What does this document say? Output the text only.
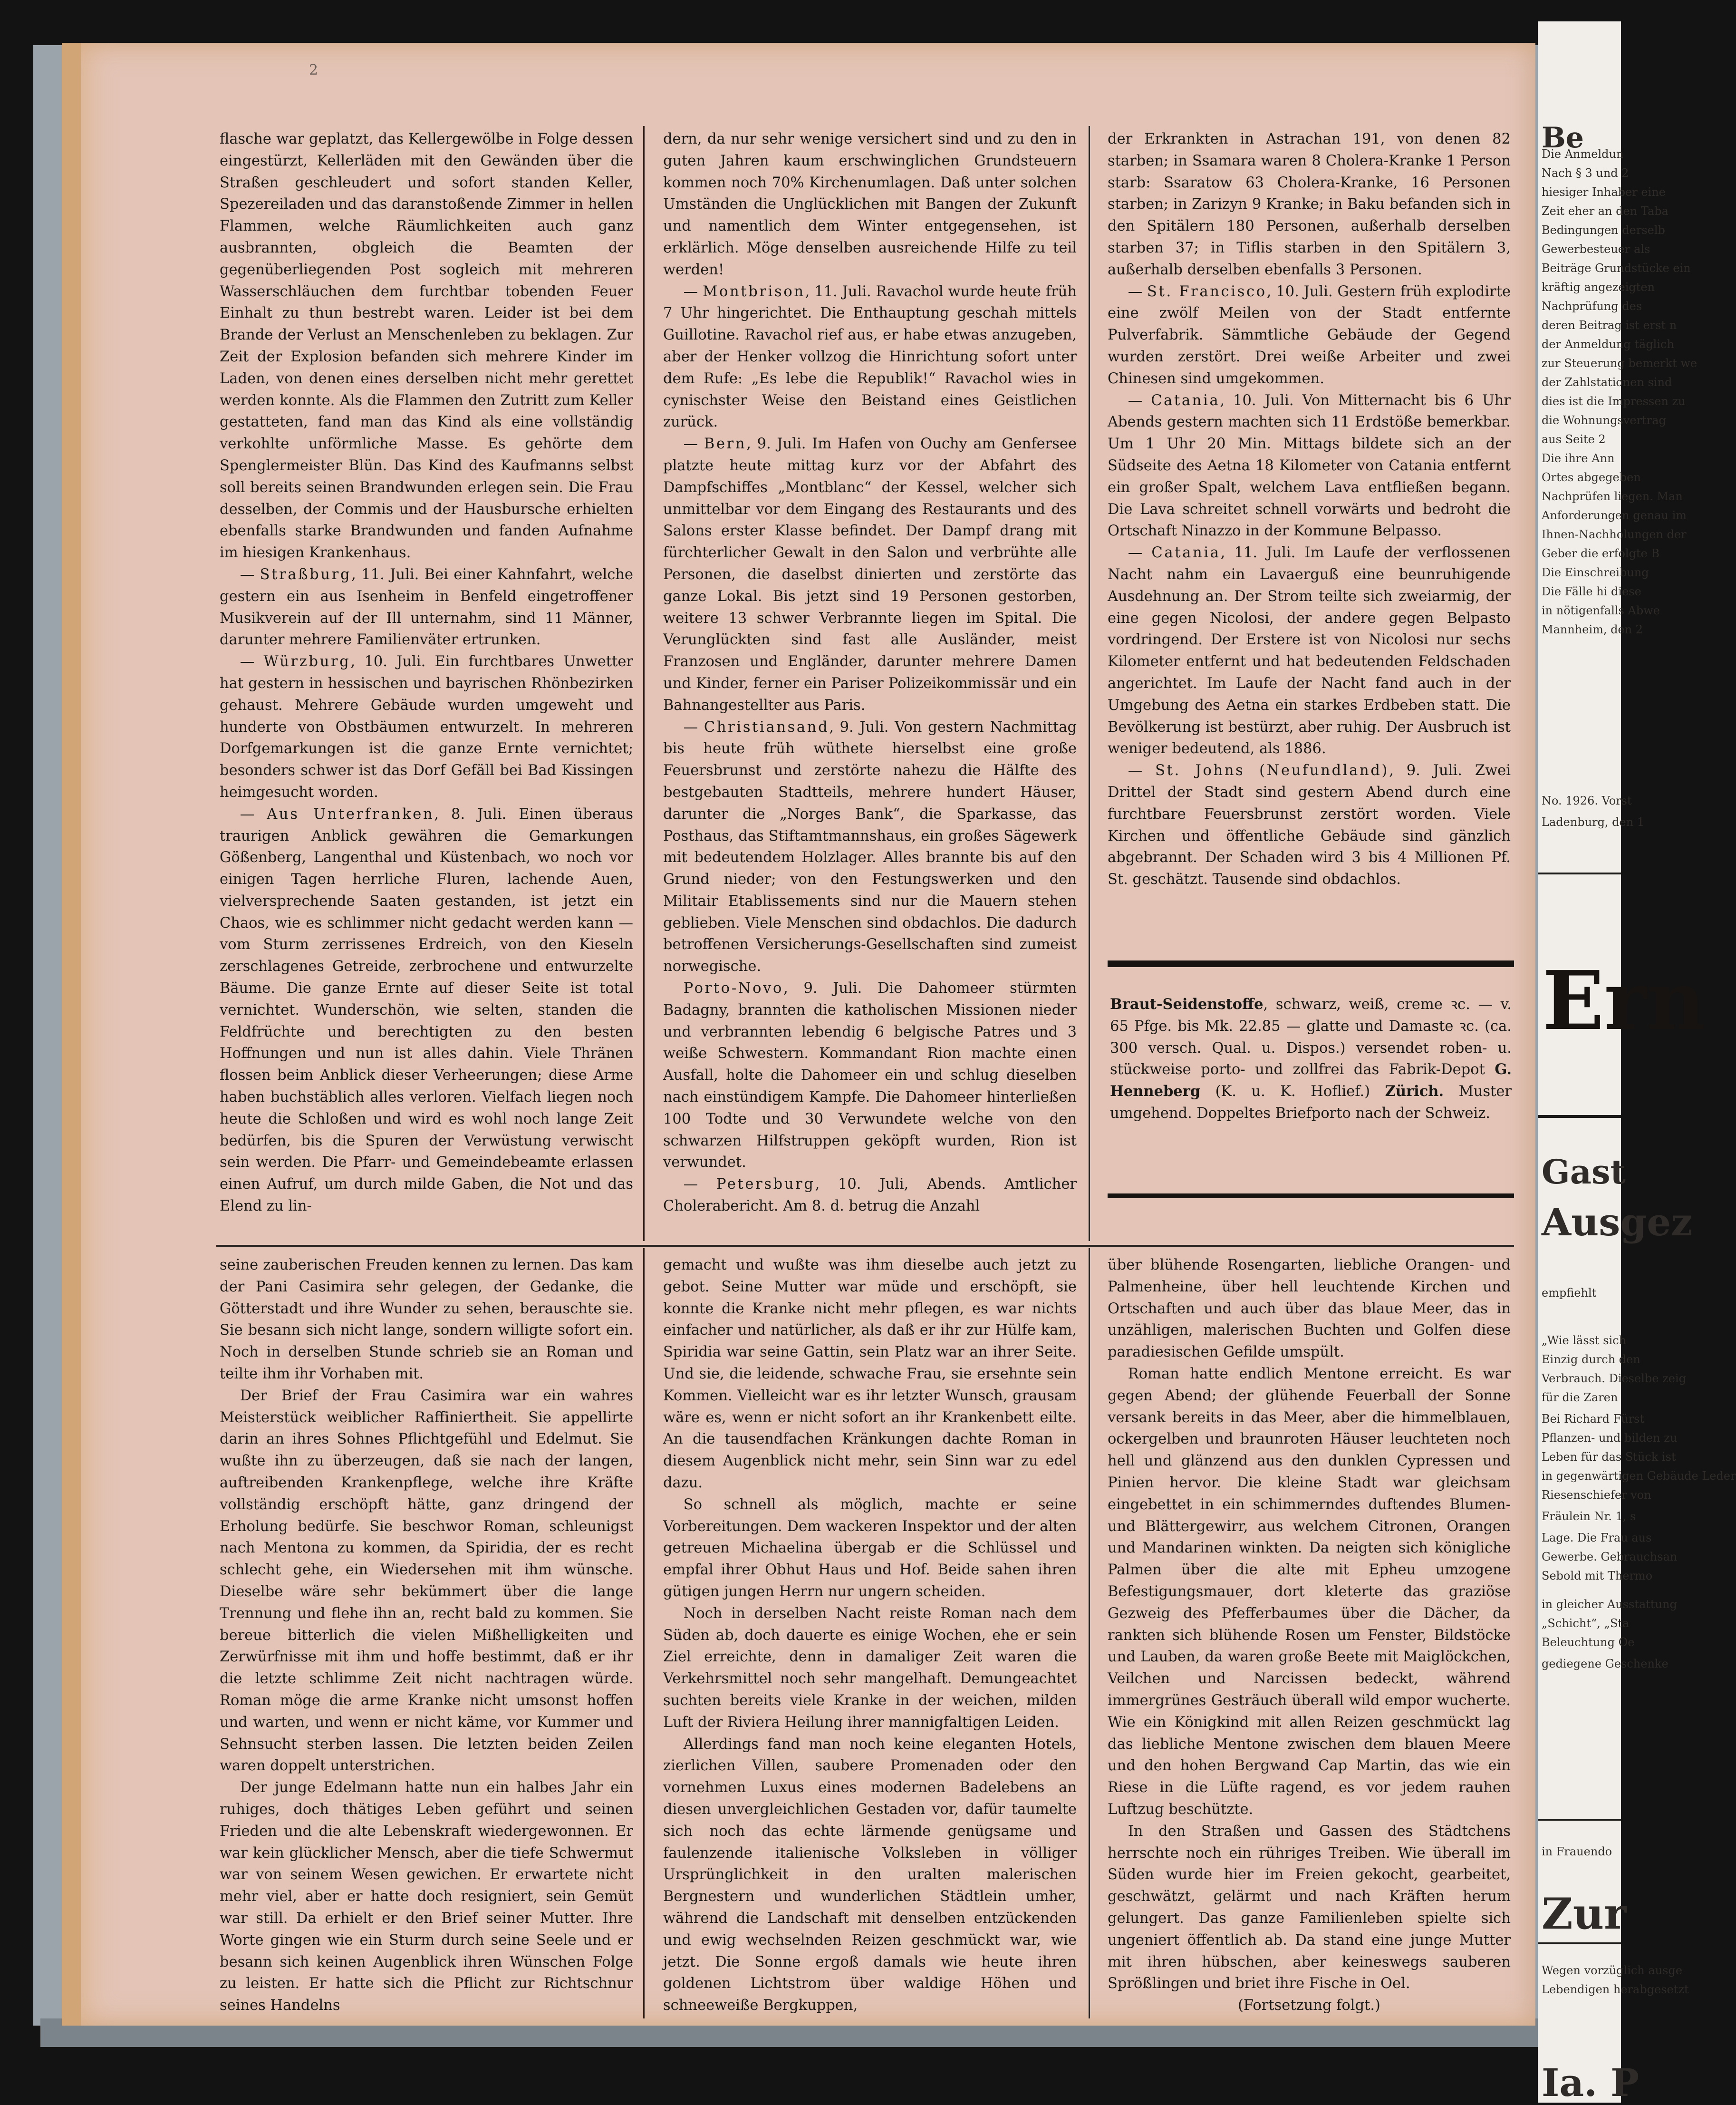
2

flasche war geplatzt, das Kellergewölbe in Folge dessen eingestürzt, Kellerläden mit den Gewänden über die Straßen geschleudert und sofort standen Keller, Spezereiladen und das daranstoßende Zimmer in hellen Flammen, welche Räumlichkeiten auch ganz ausbrannten, obgleich die Beamten der gegenüberliegenden Post sogleich mit mehreren Wasserschläuchen dem furchtbar tobenden Feuer Einhalt zu thun bestrebt waren. Leider ist bei dem Brande der Verlust an Menschenleben zu beklagen. Zur Zeit der Explosion befanden sich mehrere Kinder im Laden, von denen eines derselben nicht mehr gerettet werden konnte. Als die Flammen den Zutritt zum Keller gestatteten, fand man das Kind als eine vollständig verkohlte unförmliche Masse. Es gehörte dem Spenglermeister Blün. Das Kind des Kaufmanns selbst soll bereits seinen Brandwunden erlegen sein. Die Frau desselben, der Commis und der Hausbursche erhielten ebenfalls starke Brandwunden und fanden Aufnahme im hiesigen Krankenhaus.

— Straßburg, 11. Juli. Bei einer Kahnfahrt, welche gestern ein aus Isenheim in Benfeld eingetroffener Musikverein auf der Ill unternahm, sind 11 Männer, darunter mehrere Familienväter ertrunken.

— Würzburg, 10. Juli. Ein furchtbares Unwetter hat gestern in hessischen und bayrischen Rhönbezirken gehaust. Mehrere Gebäude wurden umgeweht und hunderte von Obstbäumen entwurzelt. In mehreren Dorfgemarkungen ist die ganze Ernte vernichtet; besonders schwer ist das Dorf Gefäll bei Bad Kissingen heimgesucht worden.

— Aus Unterfranken, 8. Juli. Einen überaus traurigen Anblick gewähren die Gemarkungen Gößenberg, Langenthal und Küstenbach, wo noch vor einigen Tagen herrliche Fluren, lachende Auen, vielversprechende Saaten gestanden, ist jetzt ein Chaos, wie es schlimmer nicht gedacht werden kann — vom Sturm zerrissenes Erdreich, von den Kieseln zerschlagenes Getreide, zerbrochene und entwurzelte Bäume. Die ganze Ernte auf dieser Seite ist total vernichtet. Wunderschön, wie selten, standen die Feldfrüchte und berechtigten zu den besten Hoffnungen und nun ist alles dahin. Viele Thränen flossen beim Anblick dieser Verheerungen; diese Arme haben buchstäblich alles verloren. Vielfach liegen noch heute die Schloßen und wird es wohl noch lange Zeit bedürfen, bis die Spuren der Verwüstung verwischt sein werden. Die Pfarr- und Gemeindebeamte erlassen einen Aufruf, um durch milde Gaben, die Not und das Elend zu lin-

dern, da nur sehr wenige versichert sind und zu den in guten Jahren kaum erschwinglichen Grundsteuern kommen noch 70% Kirchenumlagen. Daß unter solchen Umständen die Unglücklichen mit Bangen der Zukunft und namentlich dem Winter entgegensehen, ist erklärlich. Möge denselben ausreichende Hilfe zu teil werden!

— Montbrison, 11. Juli. Ravachol wurde heute früh 7 Uhr hingerichtet. Die Enthauptung geschah mittels Guillotine. Ravachol rief aus, er habe etwas anzugeben, aber der Henker vollzog die Hinrichtung sofort unter dem Rufe: „Es lebe die Republik!“ Ravachol wies in cynischster Weise den Beistand eines Geistlichen zurück.

— Bern, 9. Juli. Im Hafen von Ouchy am Genfersee platzte heute mittag kurz vor der Abfahrt des Dampfschiffes „Montblanc“ der Kessel, welcher sich unmittelbar vor dem Eingang des Restaurants und des Salons erster Klasse befindet. Der Dampf drang mit fürchterlicher Gewalt in den Salon und verbrühte alle Personen, die daselbst dinierten und zerstörte das ganze Lokal. Bis jetzt sind 19 Personen gestorben, weitere 13 schwer Verbrannte liegen im Spital. Die Verunglückten sind fast alle Ausländer, meist Franzosen und Engländer, darunter mehrere Damen und Kinder, ferner ein Pariser Polizeikommissär und ein Bahnangestellter aus Paris.

— Christiansand, 9. Juli. Von gestern Nachmittag bis heute früh wüthete hierselbst eine große Feuersbrunst und zerstörte nahezu die Hälfte des bestgebauten Stadtteils, mehrere hundert Häuser, darunter die „Norges Bank“, die Sparkasse, das Posthaus, das Stiftamtmannshaus, ein großes Sägewerk mit bedeutendem Holzlager. Alles brannte bis auf den Grund nieder; von den Festungswerken und den Militair Etablissements sind nur die Mauern stehen geblieben. Viele Menschen sind obdachlos. Die dadurch betroffenen Versicherungs-Gesellschaften sind zumeist norwegische.

Porto-Novo, 9. Juli. Die Dahomeer stürmten Badagny, brannten die katholischen Missionen nieder und verbrannten lebendig 6 belgische Patres und 3 weiße Schwestern. Kommandant Rion machte einen Ausfall, holte die Dahomeer ein und schlug dieselben nach einstündigem Kampfe. Die Dahomeer hinterließen 100 Todte und 30 Verwundete welche von den schwarzen Hilfstruppen geköpft wurden, Rion ist verwundet.

— Petersburg, 10. Juli, Abends. Amtlicher Cholerabericht. Am 8. d. betrug die Anzahl

der Erkrankten in Astrachan 191, von denen 82 starben; in Ssamara waren 8 Cholera-Kranke 1 Person starb: Ssaratow 63 Cholera-Kranke, 16 Personen starben; in Zarizyn 9 Kranke; in Baku befanden sich in den Spitälern 180 Personen, außerhalb derselben starben 37; in Tiflis starben in den Spitälern 3, außerhalb derselben ebenfalls 3 Personen.

— St. Francisco, 10. Juli. Gestern früh explodirte eine zwölf Meilen von der Stadt entfernte Pulverfabrik. Sämmtliche Gebäude der Gegend wurden zerstört. Drei weiße Arbeiter und zwei Chinesen sind umgekommen.

— Catania, 10. Juli. Von Mitternacht bis 6 Uhr Abends gestern machten sich 11 Erdstöße bemerkbar. Um 1 Uhr 20 Min. Mittags bildete sich an der Südseite des Aetna 18 Kilometer von Catania entfernt ein großer Spalt, welchem Lava entfließen begann. Die Lava schreitet schnell vorwärts und bedroht die Ortschaft Ninazzo in der Kommune Belpasso.

— Catania, 11. Juli. Im Laufe der verflossenen Nacht nahm ein Lavaerguß eine beunruhigende Ausdehnung an. Der Strom teilte sich zweiarmig, der eine gegen Nicolosi, der andere gegen Belpasto vordringend. Der Erstere ist von Nicolosi nur sechs Kilometer entfernt und hat bedeutenden Feldschaden angerichtet. Im Laufe der Nacht fand auch in der Umgebung des Aetna ein starkes Erdbeben statt. Die Bevölkerung ist bestürzt, aber ruhig. Der Ausbruch ist weniger bedeutend, als 1886.

— St. Johns (Neufundland), 9. Juli. Zwei Drittel der Stadt sind gestern Abend durch eine furchtbare Feuersbrunst zerstört worden. Viele Kirchen und öffentliche Gebäude sind gänzlich abgebrannt. Der Schaden wird 3 bis 4 Millionen Pf. St. geschätzt. Tausende sind obdachlos.

Braut-Seidenstoffe, schwarz, weiß, creme ꝛc. — v. 65 Pfge. bis Mk. 22.85 — glatte und Damaste ꝛc. (ca. 300 versch. Qual. u. Dispos.) versendet roben- u. stückweise porto- und zollfrei das Fabrik-Depot G. Henneberg (K. u. K. Hoflief.) Zürich. Muster umgehend. Doppeltes Briefporto nach der Schweiz.

seine zauberischen Freuden kennen zu lernen. Das kam der Pani Casimira sehr gelegen, der Gedanke, die Götterstadt und ihre Wunder zu sehen, berauschte sie. Sie besann sich nicht lange, sondern willigte sofort ein. Noch in derselben Stunde schrieb sie an Roman und teilte ihm ihr Vorhaben mit.

Der Brief der Frau Casimira war ein wahres Meisterstück weiblicher Raffiniertheit. Sie appellirte darin an ihres Sohnes Pflichtgefühl und Edelmut. Sie wußte ihn zu überzeugen, daß sie nach der langen, auftreibenden Krankenpflege, welche ihre Kräfte vollständig erschöpft hätte, ganz dringend der Erholung bedürfe. Sie beschwor Roman, schleunigst nach Mentona zu kommen, da Spiridia, der es recht schlecht gehe, ein Wiedersehen mit ihm wünsche. Dieselbe wäre sehr bekümmert über die lange Trennung und flehe ihn an, recht bald zu kommen. Sie bereue bitterlich die vielen Mißhelligkeiten und Zerwürfnisse mit ihm und hoffe bestimmt, daß er ihr die letzte schlimme Zeit nicht nachtragen würde. Roman möge die arme Kranke nicht umsonst hoffen und warten, und wenn er nicht käme, vor Kummer und Sehnsucht sterben lassen. Die letzten beiden Zeilen waren doppelt unterstrichen.

Der junge Edelmann hatte nun ein halbes Jahr ein ruhiges, doch thätiges Leben geführt und seinen Frieden und die alte Lebenskraft wiedergewonnen. Er war kein glücklicher Mensch, aber die tiefe Schwermut war von seinem Wesen gewichen. Er erwartete nicht mehr viel, aber er hatte doch resigniert, sein Gemüt war still. Da erhielt er den Brief seiner Mutter. Ihre Worte gingen wie ein Sturm durch seine Seele und er besann sich keinen Augenblick ihren Wünschen Folge zu leisten. Er hatte sich die Pflicht zur Richtschnur seines Handelns

gemacht und wußte was ihm dieselbe auch jetzt zu gebot. Seine Mutter war müde und erschöpft, sie konnte die Kranke nicht mehr pflegen, es war nichts einfacher und natürlicher, als daß er ihr zur Hülfe kam, Spiridia war seine Gattin, sein Platz war an ihrer Seite. Und sie, die leidende, schwache Frau, sie ersehnte sein Kommen. Vielleicht war es ihr letzter Wunsch, grausam wäre es, wenn er nicht sofort an ihr Krankenbett eilte. An die tausendfachen Kränkungen dachte Roman in diesem Augenblick nicht mehr, sein Sinn war zu edel dazu.

So schnell als möglich, machte er seine Vorbereitungen. Dem wackeren Inspektor und der alten getreuen Michaelina übergab er die Schlüssel und empfal ihrer Obhut Haus und Hof. Beide sahen ihren gütigen jungen Herrn nur ungern scheiden.

Noch in derselben Nacht reiste Roman nach dem Süden ab, doch dauerte es einige Wochen, ehe er sein Ziel erreichte, denn in damaliger Zeit waren die Verkehrsmittel noch sehr mangelhaft. Demungeachtet suchten bereits viele Kranke in der weichen, milden Luft der Riviera Heilung ihrer mannigfaltigen Leiden.

Allerdings fand man noch keine eleganten Hotels, zierlichen Villen, saubere Promenaden oder den vornehmen Luxus eines modernen Badelebens an diesen unvergleichlichen Gestaden vor, dafür taumelte sich noch das echte lärmende genügsame und faulenzende italienische Volksleben in völliger Ursprünglichkeit in den uralten malerischen Bergnestern und wunderlichen Städtlein umher, während die Landschaft mit denselben entzückenden und ewig wechselnden Reizen geschmückt war, wie jetzt. Die Sonne ergoß damals wie heute ihren goldenen Lichtstrom über waldige Höhen und schneeweiße Bergkuppen,

über blühende Rosengarten, liebliche Orangen- und Palmenheine, über hell leuchtende Kirchen und Ortschaften und auch über das blaue Meer, das in unzähligen, malerischen Buchten und Golfen diese paradiesischen Gefilde umspült.

Roman hatte endlich Mentone erreicht. Es war gegen Abend; der glühende Feuerball der Sonne versank bereits in das Meer, aber die himmelblauen, ockergelben und braunroten Häuser leuchteten noch hell und glänzend aus den dunklen Cypressen und Pinien hervor. Die kleine Stadt war gleichsam eingebettet in ein schimmerndes duftendes Blumen- und Blättergewirr, aus welchem Citronen, Orangen und Mandarinen winkten. Da neigten sich königliche Palmen über die alte mit Epheu umzogene Befestigungsmauer, dort kleterte das graziöse Gezweig des Pfefferbaumes über die Dächer, da rankten sich blühende Rosen um Fenster, Bildstöcke und Lauben, da waren große Beete mit Maiglöckchen, Veilchen und Narcissen bedeckt, während immergrünes Gesträuch überall wild empor wucherte. Wie ein Königkind mit allen Reizen geschmückt lag das liebliche Mentone zwischen dem blauen Meere und den hohen Bergwand Cap Martin, das wie ein Riese in die Lüfte ragend, es vor jedem rauhen Luftzug beschützte.

In den Straßen und Gassen des Städtchens herrschte noch ein rühriges Treiben. Wie überall im Süden wurde hier im Freien gekocht, gearbeitet, geschwätzt, gelärmt und nach Kräften herum gelungert. Das ganze Familienleben spielte sich ungeniert öffentlich ab. Da stand eine junge Mutter mit ihren hübschen, aber keineswegs sauberen Sprößlingen und briet ihre Fische in Oel.

(Fortsetzung folgt.)

Ern
Be
Die Anmeldun
Nach § 3 und 2
hiesiger Inhaber eine
Zeit eher an den Taba
Bedingungen derselb
Gewerbesteuer als
Beiträge Grundstücke ein
kräftig angezeigten
Nachprüfung des
deren Beitrag ist erst n
der Anmeldung täglich
zur Steuerung bemerkt we
der Zahlstationen sind
dies ist die Impressen zu
die Wohnungsvertrag
aus Seite 2
Die ihre Ann
Ortes abgegeben
Nachprüfen liegen. Man
Anforderungen genau im
Ihnen-Nachholungen der
Geber die erfolgte B
Die Einschreibung
Die Fälle hi diese
in nötigenfalls Abwe
Mannheim, den 2
No. 1926. Vorst
Ladenburg, den 1
Gast
Ausgez
empfiehlt
„Wie lässt sich
Einzig durch den
Verbrauch. Dieselbe zeig
für die Zaren
Bei Richard Fürst
Pflanzen- und bilden zu
Leben für das Stück ist
in gegenwärtigen Gebäude Leder
Riesenschiefer von
Fräulein Nr. 1, s
Lage. Die Frau aus
Gewerbe. Gebrauchsan
Sebold mit Thermo
in gleicher Ausstattung
„Schicht“, „Sta
Beleuchtung Oe
gediegene Geschenke
in Frauendo
Zur
Wegen vorzüglich ausge
Lebendigen herabgesetzt
Ia. P
